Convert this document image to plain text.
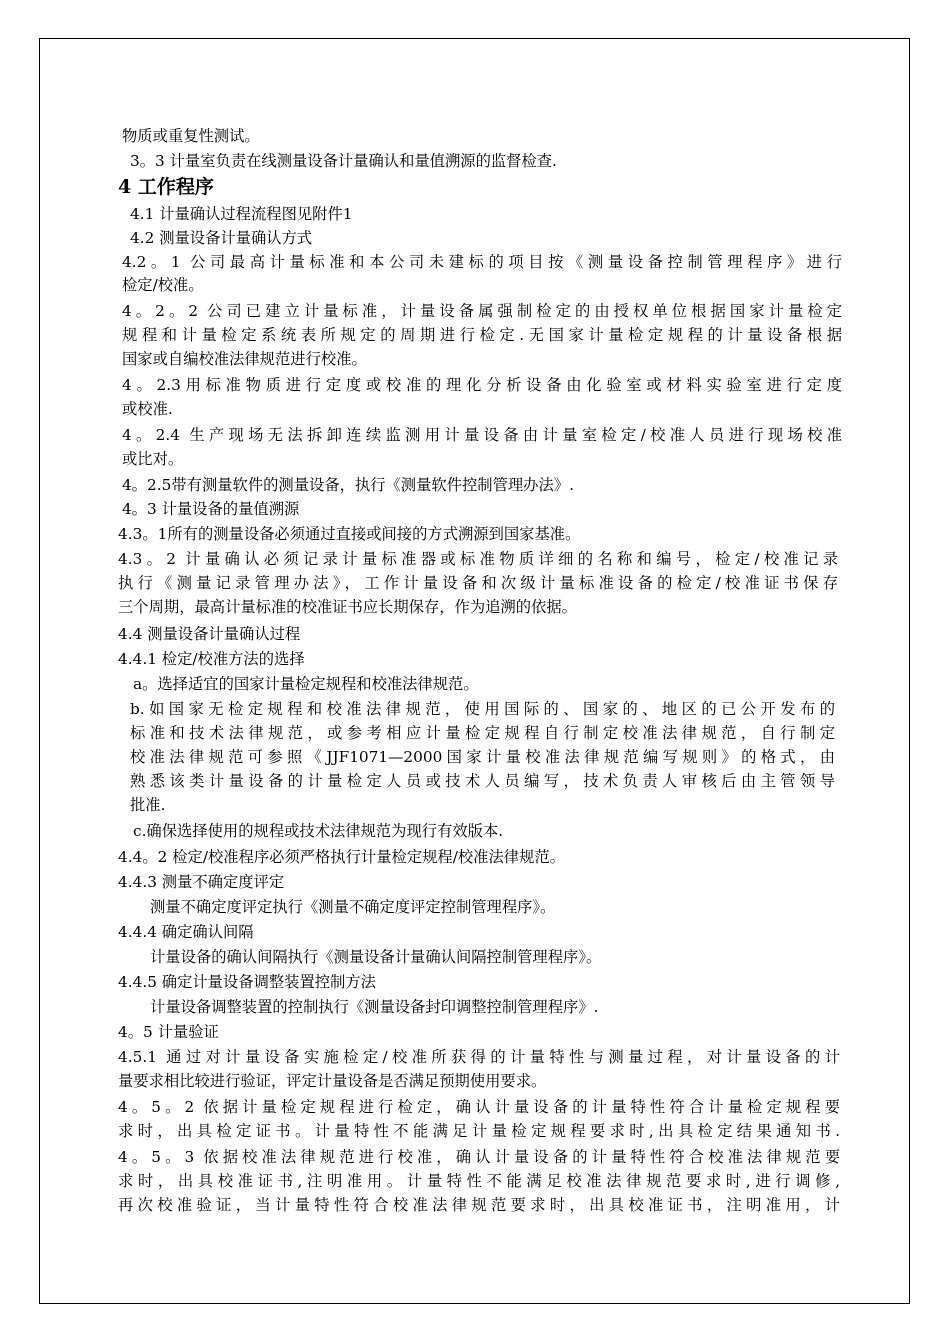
物质或重复性测试。
3。3 计量室负责在线测量设备计量确认和量值溯源的监督检查.
4 工作程序
4.1 计量确认过程流程图见附件1
4.2 测量设备计量确认方式
4.2。1 公司最高计量标准和本公司未建标的项目按《测量设备控制管理程序》进行
检定/校准。
4。2。2 公司已建立计量标准，计量设备属强制检定的由授权单位根据国家计量检定
规程和计量检定系统表所规定的周期进行检定.无国家计量检定规程的计量设备根据
国家或自编校准法律规范进行校准。
4。2.3用标准物质进行定度或校准的理化分析设备由化验室或材料实验室进行定度
或校准.
4。2.4 生产现场无法拆卸连续监测用计量设备由计量室检定/校准人员进行现场校准
或比对。
4。2.5带有测量软件的测量设备，执行《测量软件控制管理办法》.
4。3 计量设备的量值溯源
4.3。1所有的测量设备必须通过直接或间接的方式溯源到国家基准。
4.3。2 计量确认必须记录计量标准器或标准物质详细的名称和编号，检定/校准记录
执行《测量记录管理办法》，工作计量设备和次级计量标准设备的检定/校准证书保存
三个周期，最高计量标准的校准证书应长期保存，作为追溯的依据。
4.4 测量设备计量确认过程
4.4.1 检定/校准方法的选择
a。选择适宜的国家计量检定规程和校准法律规范。
b.如国家无检定规程和校准法律规范，使用国际的、国家的、地区的已公开发布的
标准和技术法律规范，或参考相应计量检定规程自行制定校准法律规范，自行制定
校准法律规范可参照《JJF1071—2000国家计量校准法律规范编写规则》的格式，由
熟悉该类计量设备的计量检定人员或技术人员编写，技术负责人审核后由主管领导
批准.
c.确保选择使用的规程或技术法律规范为现行有效版本.
4.4。2 检定/校准程序必须严格执行计量检定规程/校准法律规范。
4.4.3 测量不确定度评定
测量不确定度评定执行《测量不确定度评定控制管理程序》。
4.4.4 确定确认间隔
计量设备的确认间隔执行《测量设备计量确认间隔控制管理程序》。
4.4.5 确定计量设备调整装置控制方法
计量设备调整装置的控制执行《测量设备封印调整控制管理程序》.
4。5 计量验证
4.5.1 通过对计量设备实施检定/校准所获得的计量特性与测量过程，对计量设备的计
量要求相比较进行验证，评定计量设备是否满足预期使用要求。
4。5。2 依据计量检定规程进行检定，确认计量设备的计量特性符合计量检定规程要
求时，出具检定证书。计量特性不能满足计量检定规程要求时,出具检定结果通知书.
4。5。3 依据校准法律规范进行校准，确认计量设备的计量特性符合校准法律规范要
求时，出具校准证书,注明准用。计量特性不能满足校准法律规范要求时,进行调修,
再次校准验证，当计量特性符合校准法律规范要求时，出具校准证书，注明准用，计
